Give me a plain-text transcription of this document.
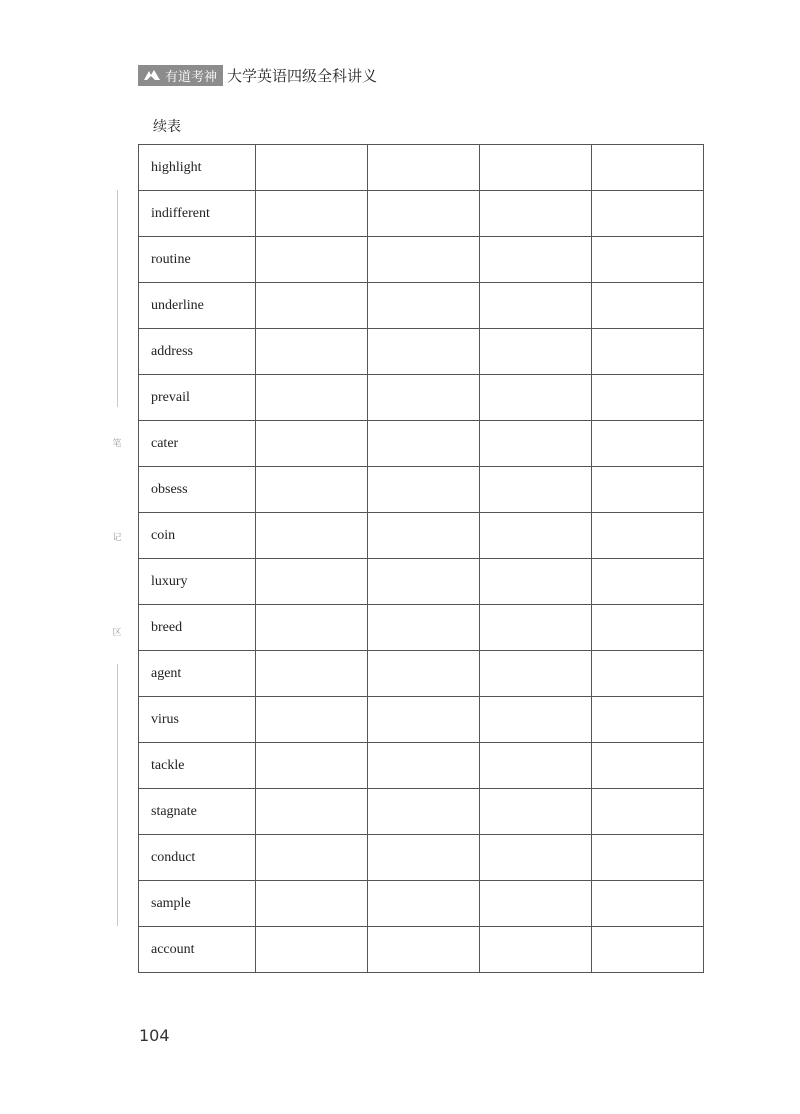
有道考神 大学英语四级全科讲义
续表
笔
记
区
highlight				
indifferent				
routine				
underline				
address				
prevail				
cater				
obsess				
coin				
luxury				
breed				
agent				
virus				
tackle				
stagnate				
conduct				
sample				
account				
104
